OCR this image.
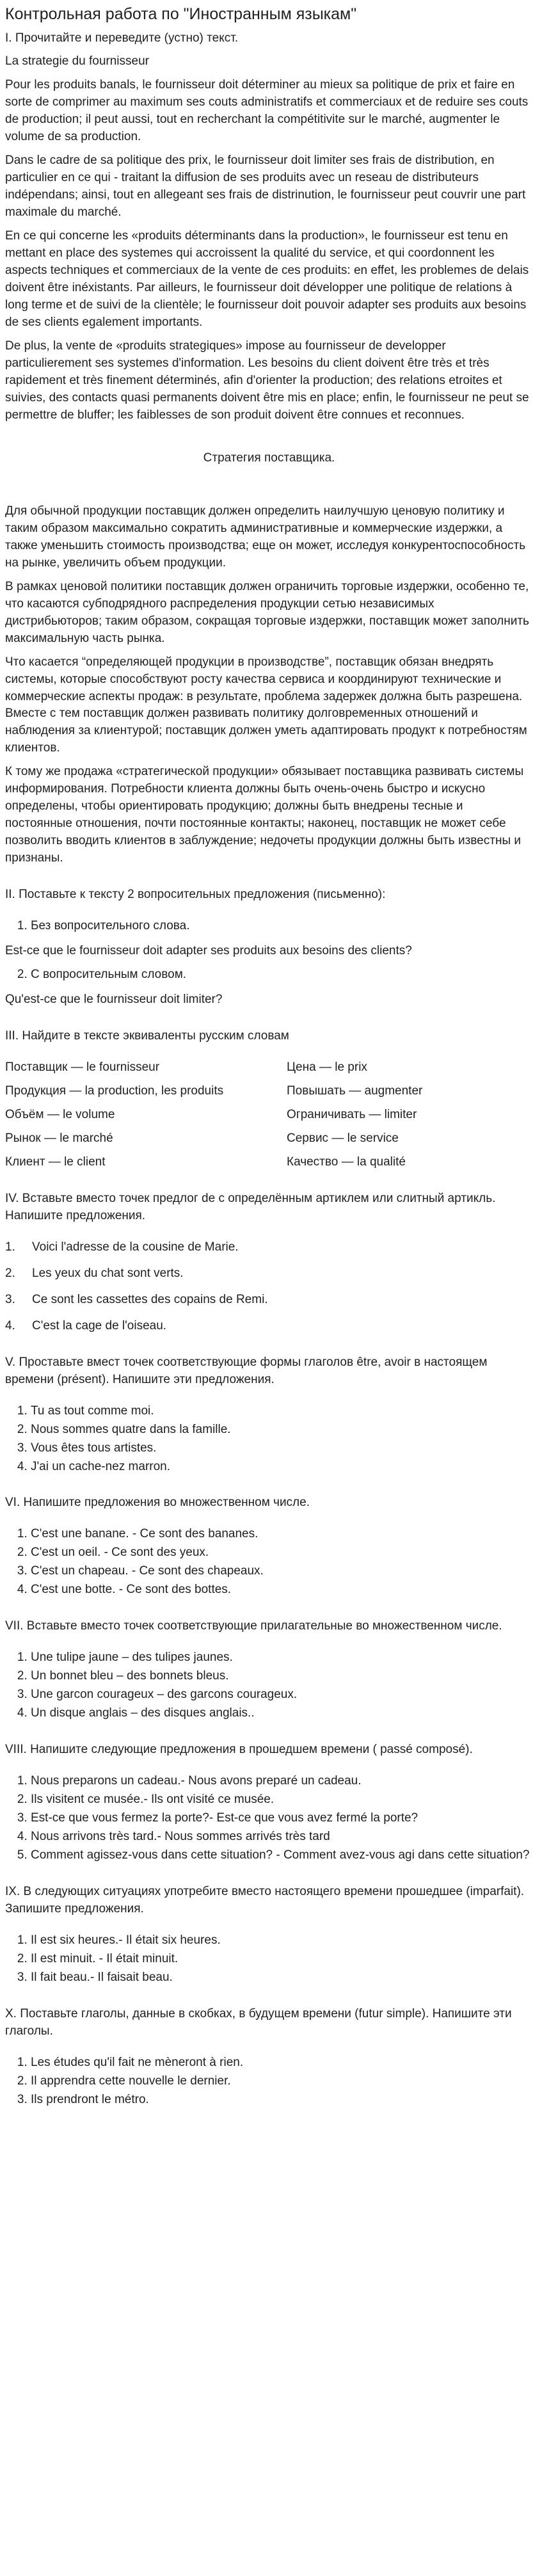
Контрольная работа по "Иностранным языкам"

I. Прочитайте и переведите (устно) текст.

La strategie du fournisseur

Pour les produits banals, le fournisseur doit déterminer au mieux sa politique de prix et faire en sorte de comprimer au maximum ses couts administratifs et commerciaux et de reduire ses couts de production; il peut aussi, tout en recherchant la compétitivite sur le marché, augmenter le volume de sa production.

Dans le cadre de sa politique des prix, le fournisseur doit limiter ses frais de distribution, en particulier en ce qui - traitant la diffusion de ses produits avec un reseau de distributeurs indépendans; ainsi, tout en allegeant ses frais de distrinution, le fournisseur peut couvrir une part maximale du marché.

En ce qui concerne les «produits déterminants dans la production», le fournisseur est tenu en mettant en place des systemes qui accroissent la qualité du service, et qui coordonnent les aspects techniques et commerciaux de la vente de ces produits: en effet, les problemes de delais doivent être inéxistants. Par ailleurs, le fournisseur doit développer une politique de relations à long terme et de suivi de la clientèle; le fournisseur doit pouvoir adapter ses produits aux besoins de ses clients egalement importants.

De plus, la vente de «produits strategiques» impose au fournisseur de developper particulierement ses systemes d'information. Les besoins du client doivent être très et très rapidement et très finement déterminés, afin d'orienter la production; des relations etroites et suivies, des contacts quasi permanents doivent être mis en place; enfin, le fournisseur ne peut se permettre de bluffer; les faiblesses de son produit doivent être connues et reconnues.

Стратегия поставщика.

Для обычной продукции поставщик должен определить наилучшую ценовую политику и таким образом максимально сократить административные и коммерческие издержки, а также уменьшить стоимость производства; еще он может, исследуя конкурентоспособность на рынке, увеличить объем продукции.

В рамках ценовой политики поставщик должен ограничить торговые издержки, особенно те, что касаются субподрядного распределения продукции сетью независимых дистрибьюторов; таким образом, сокращая торговые издержки, поставщик может заполнить максимальную часть рынка.

Что касается “определяющей продукции в производстве”, поставщик обязан внедрять системы, которые способствуют росту качества сервиса и координируют технические и коммерческие аспекты продаж: в результате, проблема задержек должна быть разрешена. Вместе с тем поставщик должен развивать политику долговременных отношений и наблюдения за клиентурой; поставщик должен уметь адаптировать продукт к потребностям клиентов.

К тому же продажа «стратегической продукции» обязывает поставщика развивать системы информирования. Потребности клиента должны быть очень-очень быстро и искусно определены, чтобы ориентировать продукцию; должны быть внедрены тесные и постоянные отношения, почти постоянные контакты; наконец, поставщик не может себе позволить вводить клиентов в заблуждение; недочеты продукции должны быть известны и признаны.

II. Поставьте к тексту 2 вопросительных предложения (письменно):

1. Без вопросительного слова.

Est-ce que le fournisseur doit adapter ses produits aux besoins des clients?

2. С вопросительным словом.

Qu'est-ce que le fournisseur doit limiter?

III. Найдите в тексте эквиваленты русским словам

Поставщик — le fournisseur	Цена — le prix
Продукция — la production, les produits	Повышать — augmenter
Объём — le volume	Ограничивать — limiter
Рынок — le marché	Сервис — le service
Клиент — le client	Качество — la qualité

IV. Вставьте вместо точек предлог de с определённым артиклем или слитный артикль. Напишите предложения.

1.	Voici l'adresse de la cousine de Marie.
2.	Les yeux du chat sont verts.
3.	Ce sont les cassettes des copains de Remi.
4.	C'est la cage de l'oiseau.

V. Проставьте вмест точек соответствующие формы глаголов être, avoir в настоящем времени (présent). Напишите эти предложения.

1. Tu as tout comme moi.
2. Nous sommes quatre dans la famille.
3. Vous êtes tous artistes.
4. J'ai un cache-nez marron.

VI. Напишите предложения во множественном числе.

1. C'est une banane. - Ce sont des bananes.
2. C'est un oeil. - Ce sont des yeux.
3. C'est un chapeau. - Ce sont des chapeaux.
4. C'est une botte. - Ce sont des bottes.

VII. Вставьте вместо точек соответствующие прилагательные во множественном числе.

1. Une tulipe jaune – des tulipes jaunes.
2. Un bonnet bleu – des bonnets bleus.
3. Une garcon courageux – des garcons courageux.
4. Un disque anglais – des disques anglais..

VIII. Напишите следующие предложения в прошедшем времени ( passé composé).

1. Nous preparons un cadeau.- Nous avons preparé un cadeau.
2. Ils visitent ce musée.- Ils ont visité ce musée.
3. Est-ce que vous fermez la porte?- Est-ce que vous avez fermé la porte?
4. Nous arrivons très tard.- Nous sommes arrivés très tard
5. Comment agissez-vous dans cette situation? - Comment avez-vous agi dans cette situation?

IX. В следующих ситуациях употребите вместо настоящего времени прошедшее (imparfait). Запишите предложения.

1. Il est six heures.- Il était six heures.
2. Il est minuit. - Il était minuit.
3. Il fait beau.- Il faisait beau.

X. Поставьте глаголы, данные в скобках, в будущем времени (futur simple). Напишите эти глаголы.

1. Les études qu'il fait ne mèneront à rien.
2. Il apprendra cette nouvelle le dernier.
3. Ils prendront le métro.
